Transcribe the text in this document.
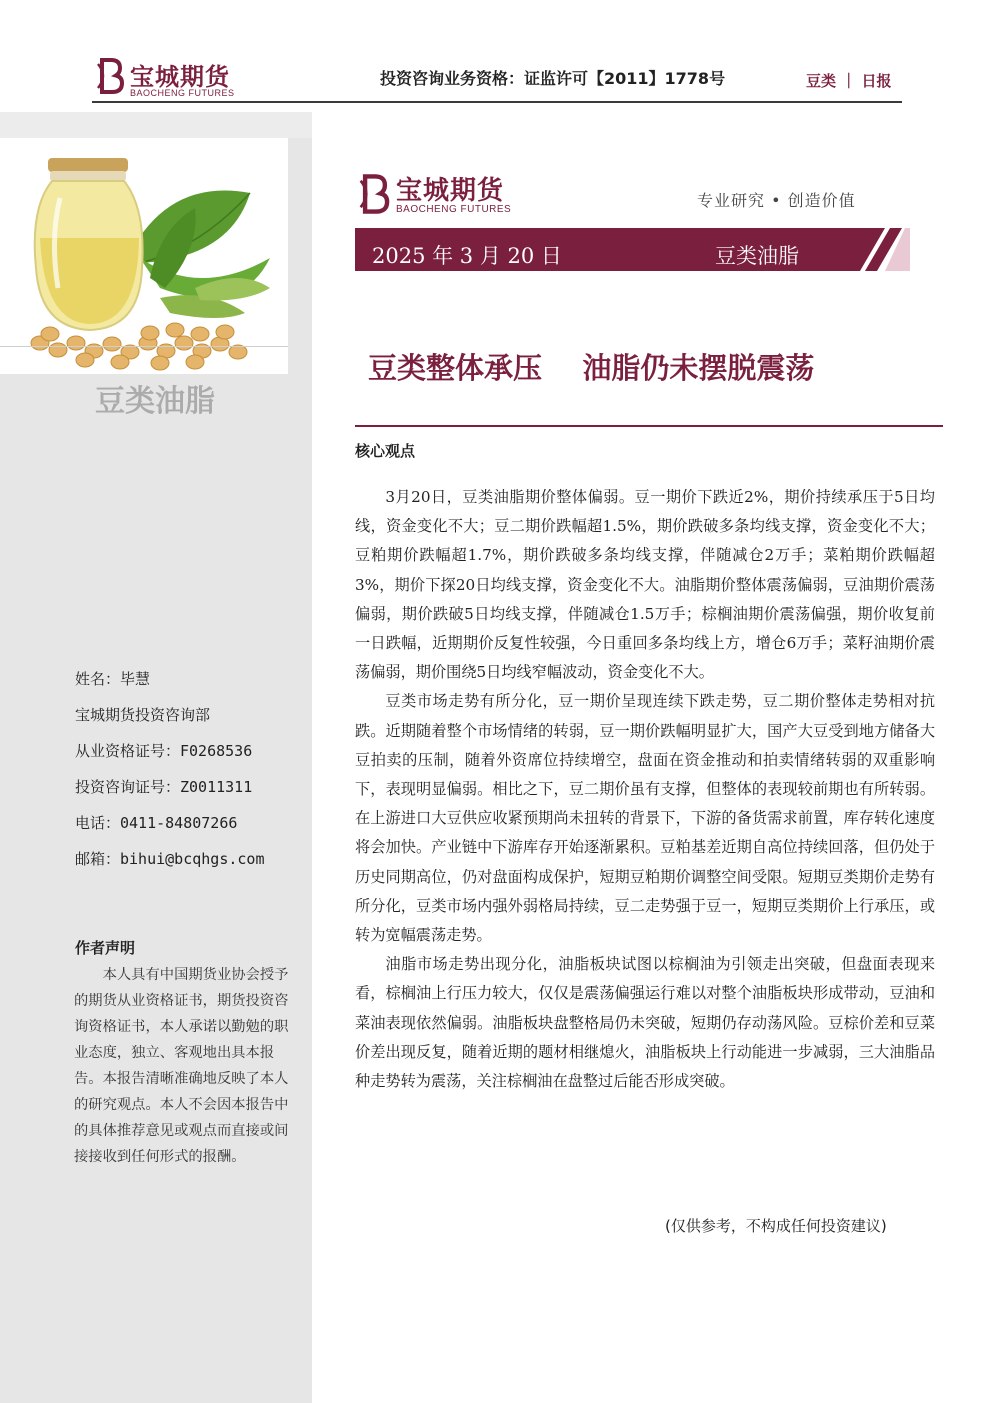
宝城期货
BAOCHENG FUTURES
投资咨询业务资格：证监许可【2011】1778号	豆类 ｜ 日报
豆类油脂
姓名：毕慧
宝城期货投资咨询部
从业资格证号：F0268536
投资咨询证号：Z0011311
电话：0411-84807266
邮箱：bihui@bcqhgs.com
作者声明
本人具有中国期货业协会授予的期货从业资格证书，期货投资咨询资格证书，本人承诺以勤勉的职业态度，独立、客观地出具本报告。本报告清晰准确地反映了本人的研究观点。本人不会因本报告中的具体推荐意见或观点而直接或间接接收到任何形式的报酬。
宝城期货
BAOCHENG FUTURES	专业研究 • 创造价值
2025 年 3 月 20 日	豆类油脂
豆类整体承压    油脂仍未摆脱震荡
核心观点

3月20日，豆类油脂期价整体偏弱。豆一期价下跌近2%，期价持续承压于5日均线，资金变化不大；豆二期价跌幅超1.5%，期价跌破多条均线支撑，资金变化不大；豆粕期价跌幅超1.7%，期价跌破多条均线支撑，伴随减仓2万手；菜粕期价跌幅超3%，期价下探20日均线支撑，资金变化不大。油脂期价整体震荡偏弱，豆油期价震荡偏弱，期价跌破5日均线支撑，伴随减仓1.5万手；棕榈油期价震荡偏强，期价收复前一日跌幅，近期期价反复性较强，今日重回多条均线上方，增仓6万手；菜籽油期价震荡偏弱，期价围绕5日均线窄幅波动，资金变化不大。

豆类市场走势有所分化，豆一期价呈现连续下跌走势，豆二期价整体走势相对抗跌。近期随着整个市场情绪的转弱，豆一期价跌幅明显扩大，国产大豆受到地方储备大豆拍卖的压制，随着外资席位持续增空，盘面在资金推动和拍卖情绪转弱的双重影响下，表现明显偏弱。相比之下，豆二期价虽有支撑，但整体的表现较前期也有所转弱。在上游进口大豆供应收紧预期尚未扭转的背景下，下游的备货需求前置，库存转化速度将会加快。产业链中下游库存开始逐渐累积。豆粕基差近期自高位持续回落，但仍处于历史同期高位，仍对盘面构成保护，短期豆粕期价调整空间受限。短期豆类期价走势有所分化，豆类市场内强外弱格局持续，豆二走势强于豆一，短期豆类期价上行承压，或转为宽幅震荡走势。

油脂市场走势出现分化，油脂板块试图以棕榈油为引领走出突破，但盘面表现来看，棕榈油上行压力较大，仅仅是震荡偏强运行难以对整个油脂板块形成带动，豆油和菜油表现依然偏弱。油脂板块盘整格局仍未突破，短期仍存动荡风险。豆棕价差和豆菜价差出现反复，随着近期的题材相继熄火，油脂板块上行动能进一步减弱，三大油脂品种走势转为震荡，关注棕榈油在盘整过后能否形成突破。

(仅供参考，不构成任何投资建议)
